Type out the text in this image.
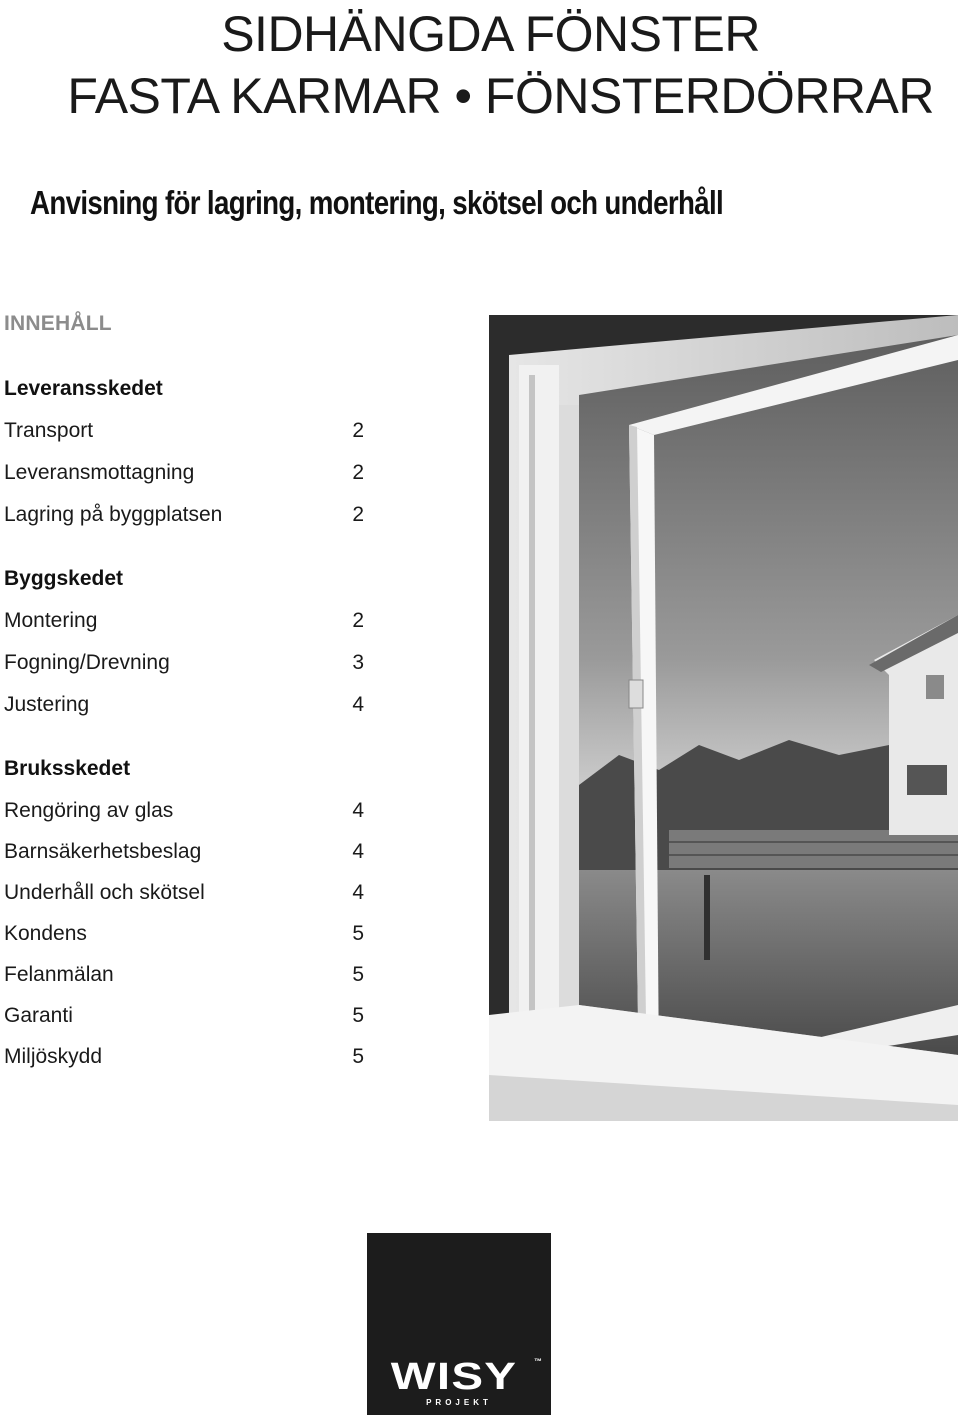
SIDHÄNGDA FÖNSTER
FASTA KARMAR • FÖNSTERDÖRRAR
Anvisning för lagring, montering, skötsel och underhåll
INNEHÅLL
Leveransskedet
Transport	2
Leveransmottagning	2
Lagring på byggplatsen	2
Byggskedet
Montering	2
Fogning/Drevning	3
Justering	4
Bruksskedet
Rengöring av glas	4
Barnsäkerhetsbeslag	4
Underhåll och skötsel	4
Kondens	5
Felanmälan	5
Garanti	5
Miljöskydd	5
WISY	™
PROJEKT
